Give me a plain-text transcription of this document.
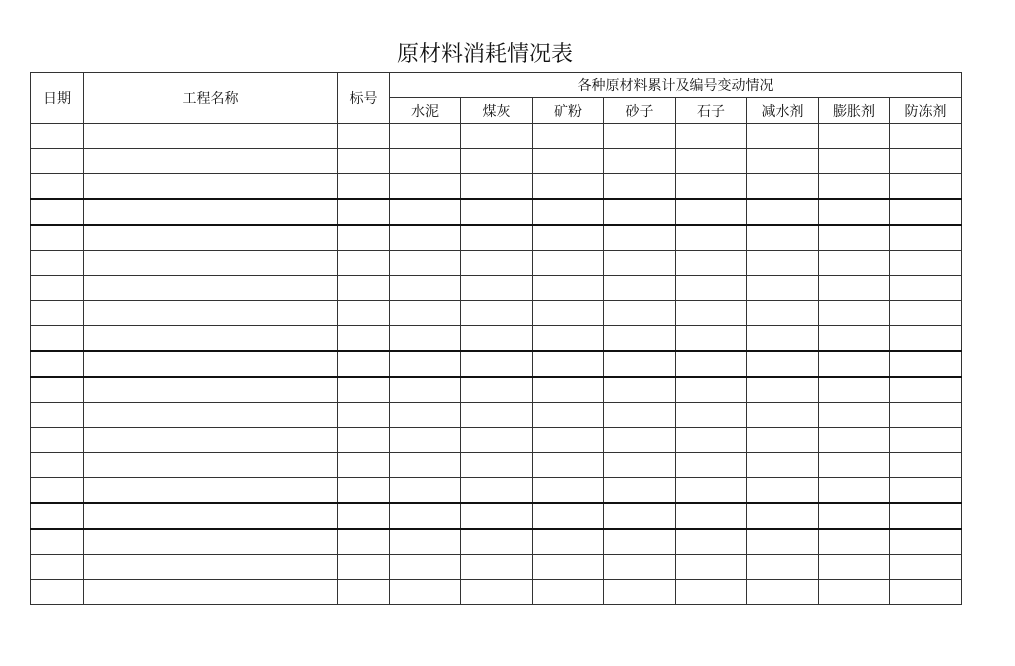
原材料消耗情况表
日期	工程名称	标号	各种原材料累计及编号变动情况							
			水泥	煤灰	矿粉	砂子	石子	减水剂	膨胀剂	防冻剂
